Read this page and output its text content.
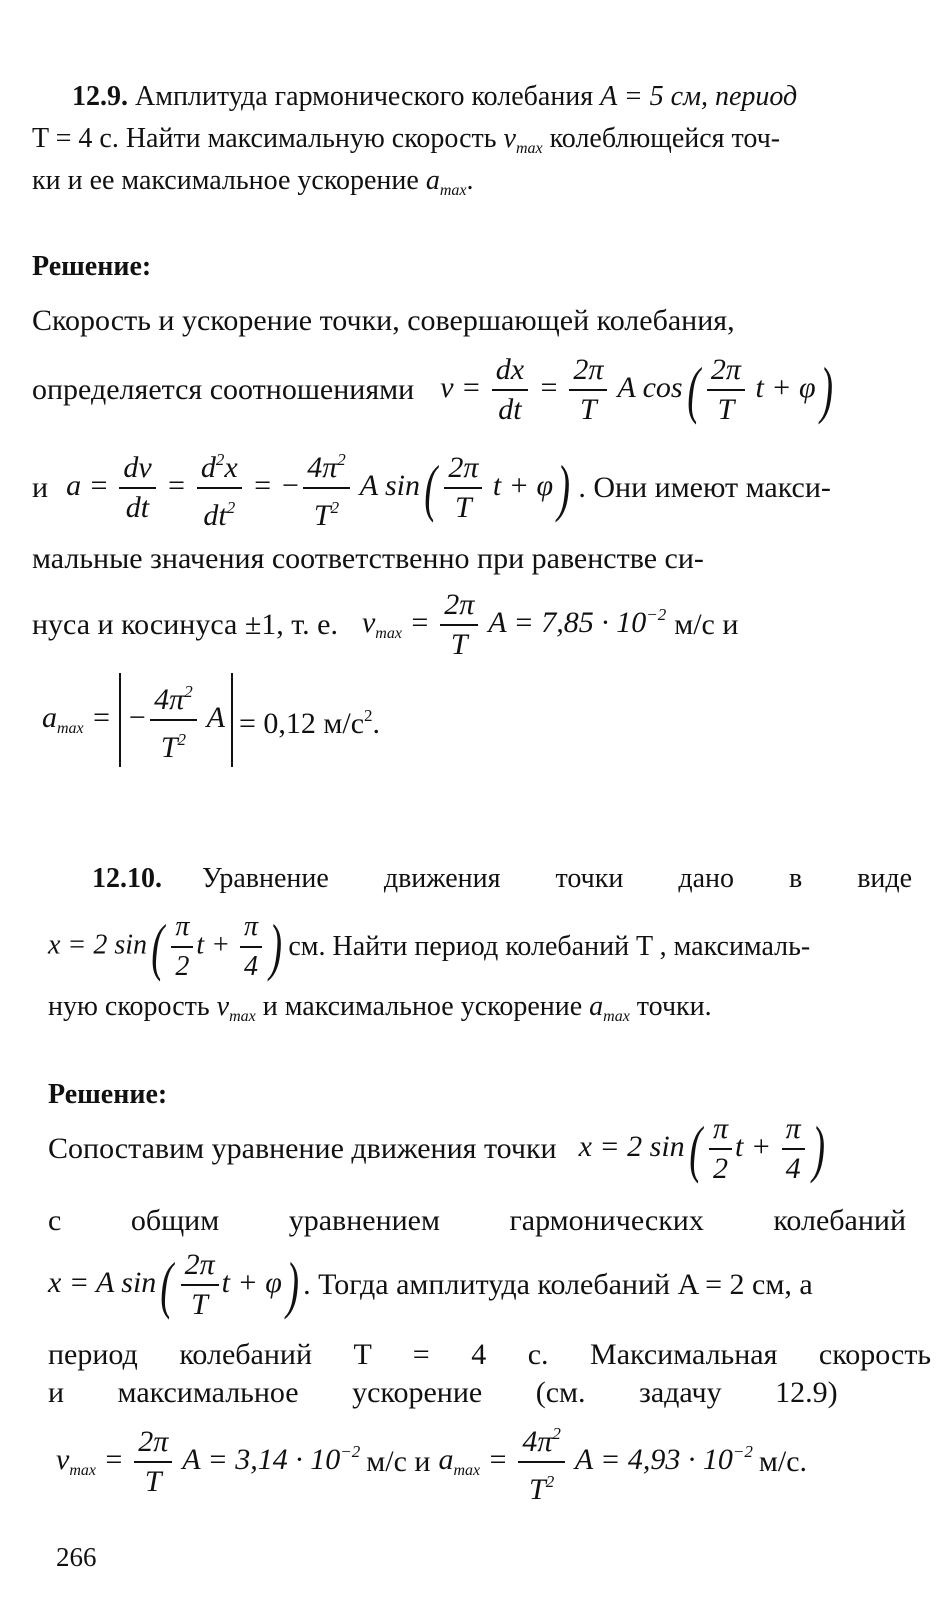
12.9. Амплитуда гармонического колебания A = 5 см, период
T = 4 с. Найти максимальную скорость $v_{max}$ колеблющейся точ-
ки и ее максимальное ускорение $a_{max}$.
Решение:
Скорость и ускорение точки, совершающей колебания,
определяется соотношениями $v = \frac{dx}{dt} = \frac{2\pi}{T}$ A $\cos( \frac{2\pi}{T}$ t + φ)
и $a = \frac{dv}{dt} = \frac{d^2x}{dt^2}$ = − $\frac{4\pi^2}{T^2}$ A $\sin( \frac{2\pi}{T}$ t + φ) . Они имеют макси-
мальные значения соответственно при равенстве си-
нуса и косинуса ±1, т. е. $v_{max} = \frac{2\pi}{T}$ $A = 7,85 \cdot 10^{-2}$ м/с и
$a_{max}$ = − $\frac{4\pi^2}{T^2}$ A = 0,12 $м/с^2$.
12.10. Уравнение движения точки дано в виде
x = 2 $\sin( \frac{\pi}{2}$ $t + \frac{\pi}{4}$ ) см. Найти период колебаний T , максималь-
ную скорость $v_{max}$ и максимальное ускорение $a_{max}$ точки.
Решение:
Сопоставим уравнение движения точки x = 2 $\sin( \frac{\pi}{2}$ $t + \frac{\pi}{4}$ )
с общим уравнением гармонических колебаний
x = A $\sin( \frac{2\pi}{T}$ t + φ) . Тогда амплитуда колебаний A = 2 см, а
период колебаний T = 4 с. Максимальная скорость
и максимальное ускорение (см. задачу 12.9)
$v_{max} = \frac{2\pi}{T}$ $A = 3,14 \cdot 10^{-2}$ м/с и $a_{max} = \frac{4\pi^2}{T^2}$ $A = 4,93 \cdot 10^{-2}$ м/с.
266
